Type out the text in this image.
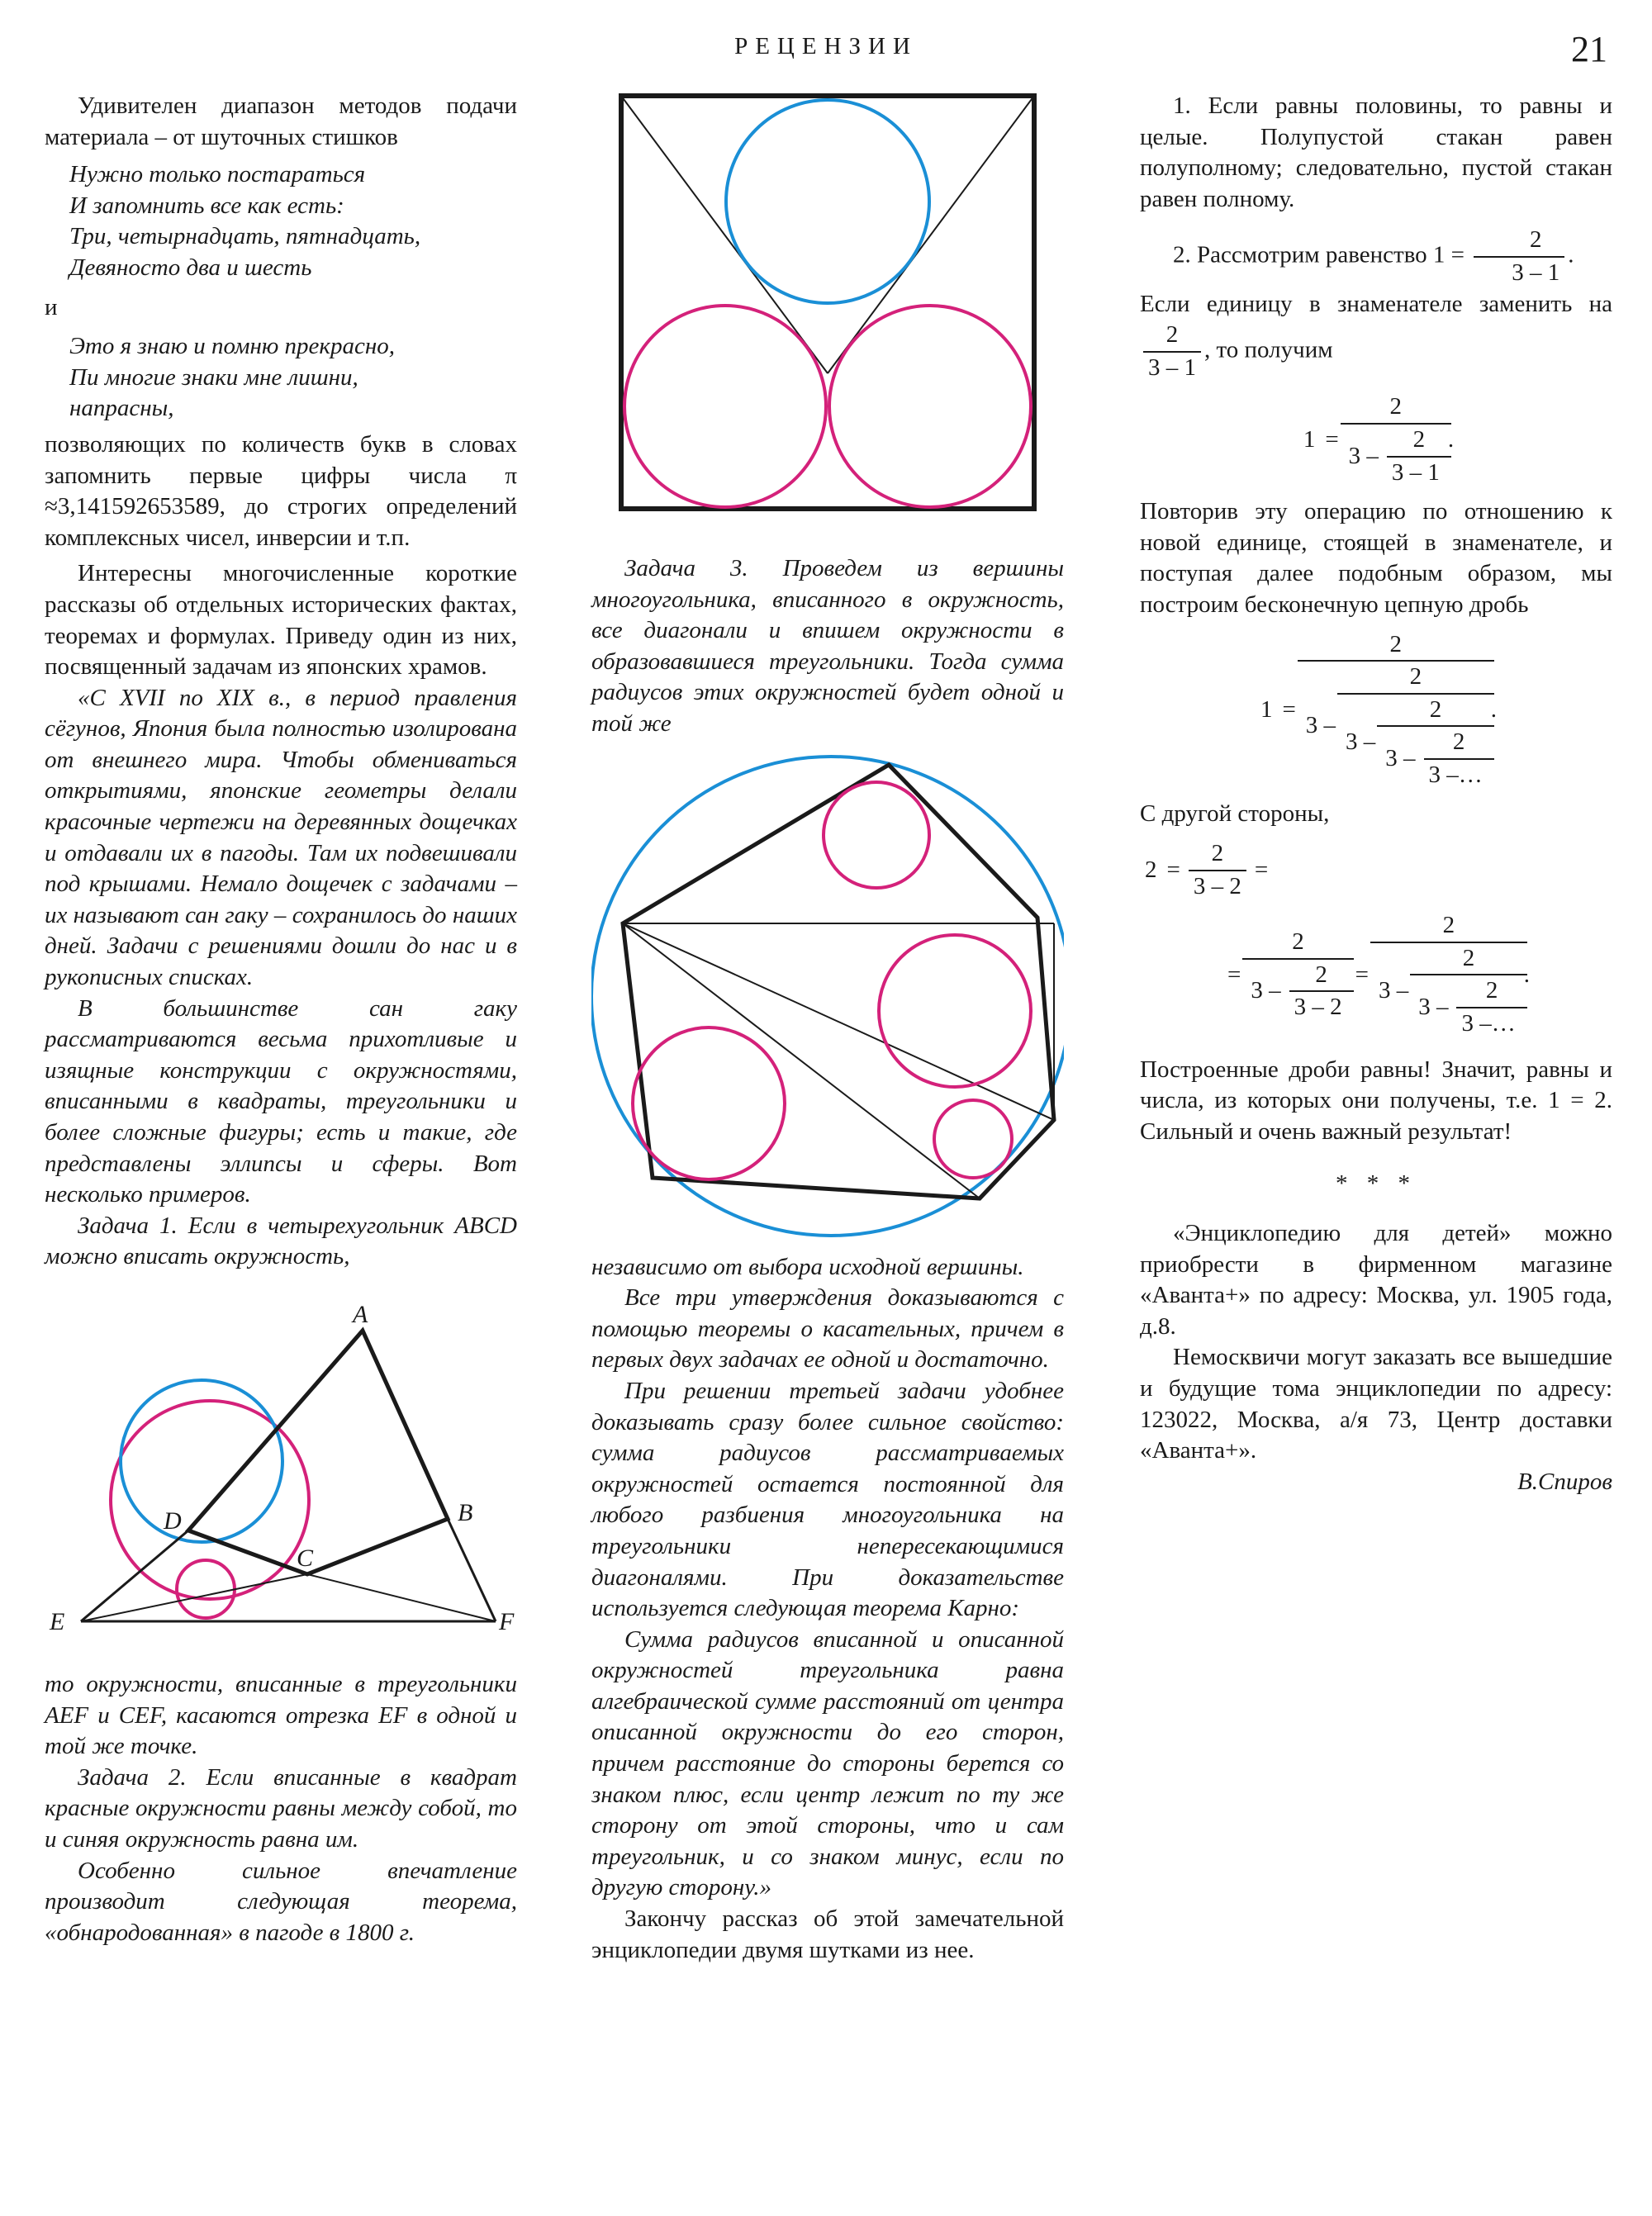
РЕЦЕНЗИИ	21

Удивителен диапазон методов подачи материала – от шуточных стишков

Нужно только постараться
И запомнить все как есть:
Три, четырнадцать, пятнадцать,
Девяносто два и шесть

и

Это я знаю и помню прекрасно,
Пи многие знаки мне лишни,
напрасны,

позволяющих по количеств букв в словах запомнить первые цифры числа π ≈3,141592653589, до строгих определений комплексных чисел, инверсии и т.п.

Интересны многочисленные короткие рассказы об отдельных исторических фактах, теоремах и формулах. Приведу один из них, посвященный задачам из японских храмов.

«С XVII по XIX в., в период правления сёгунов, Япония была полностью изолирована от внешнего мира. Чтобы обмениваться открытиями, японские геометры делали красочные чертежи на деревянных дощечках и отдавали их в пагоды. Там их подвешивали под крышами. Немало дощечек с задачами – их называют сан гаку – сохранилось до наших дней. Задачи с решениями дошли до нас и в рукописных списках.

В большинстве сан гаку рассматриваются весьма прихотливые и изящные конструкции с окружностями, вписанными в квадраты, треугольники и более сложные фигуры; есть и такие, где представлены эллипсы и сферы. Вот несколько примеров.

Задача 1. Если в четырехугольник ABCD можно вписать окружность,

A
B
C
D
E	F

то окружности, вписанные в треугольники AEF и CEF, касаются отрезка EF в одной и той же точке.

Задача 2. Если вписанные в квадрат красные окружности равны между собой, то и синяя окружность равна им.

Особенно сильное впечатление производит следующая теорема, «обнародованная» в пагоде в 1800 г.

Задача 3. Проведем из вершины многоугольника, вписанного в окружность, все диагонали и впишем окружности в образовавшиеся треугольники. Тогда сумма радиусов этих окружностей будет одной и той же

независимо от выбора исходной вершины.

Все три утверждения доказываются с помощью теоремы о касательных, причем в первых двух задачах ее одной и достаточно.

При решении третьей задачи удобнее доказывать сразу более сильное свойство: сумма радиусов рассматриваемых окружностей остается постоянной для любого разбиения многоугольника на треугольники непересекающимися диагоналями. При доказательстве используется следующая теорема Карно:

Сумма радиусов вписанной и описанной окружностей треугольника равна алгебраической сумме расстояний от центра описанной окружности до его сторон, причем расстояние до стороны берется со знаком плюс, если центр лежит по ту же сторону от этой стороны, что и сам треугольник, и со знаком минус, если по другую сторону.»

Закончу рассказ об этой замечательной энциклопедии двумя шутками из нее.

1. Если равны половины, то равны и целые. Полупустой стакан равен полуполному; следовательно, пустой стакан равен полному.

2. Рассмотрим равенство $1 = \frac{2}{3 - 1}$ .

Если единицу в знаменателе заменить на
$\frac{2}{3 - 1}$ , то получим

$1 = \frac{2}{3 - \frac{2}{3 - 1}}$ .

Повторив эту операцию по отношению к новой единице, стоящей в знаменателе, и поступая далее подобным образом, мы построим бесконечную цепную дробь

1 =
2
3 –
2
$3 - \frac{2}{3 - \frac{2}{3 -\dots}}$ .

С другой стороны,

$2 = \frac{2}{3 - 2}$ =
= $\frac{2}{3 - \frac{2}{3 - 2}} = \frac{2}{3 - \frac{2}{3 - \frac{2}{3 -\dots}}}$ .

Построенные дроби равны! Значит, равны и числа, из которых они получены, т.е. 1 = 2. Сильный и очень важный результат!

* * *

«Энциклопедию для детей» можно приобрести в фирменном магазине «Аванта+» по адресу: Москва, ул. 1905 года, д.8.

Немосквичи могут заказать все вышедшие и будущие тома энциклопедии по адресу: 123022, Москва, а/я 73, Центр доставки «Аванта+».

В.Спиров
